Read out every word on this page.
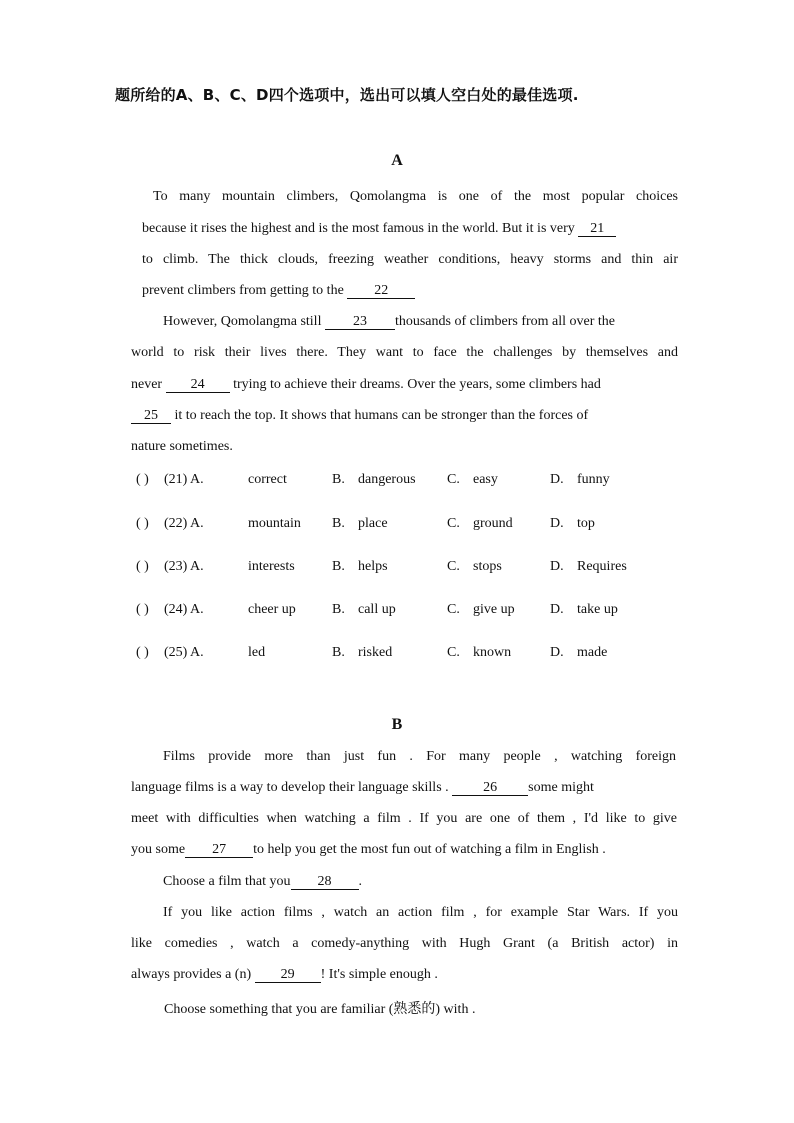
题所给的A、B、C、D四个选项中，选出可以填人空白处的最佳选项.
A
To many mountain climbers, Qomolangma is one of the most popular choices
because it rises the highest and is the most famous in the world. But it is very 21
to climb. The thick clouds, freezing weather conditions, heavy storms and thin air
prevent climbers from getting to the 22
However, Qomolangma still 23 thousands of climbers from all over the
world to risk their lives there. They want to face the challenges by themselves and
never 24 trying to achieve their dreams. Over the years, some climbers had
25 it to reach the top. It shows that humans can be stronger than the forces of
nature sometimes.
( ) (21) A.	correct	B. dangerous C. easy	D. funny
( ) (22) A.	mountain B. place	C. ground	D. top
( ) (23) A.	interests	B. helps	C. stops	D. Requires
( ) (24) A.	cheer up	B. call up	C. give up	D. take up
( ) (25) A.	led	B. risked	C. known	D. made
B
Films provide more than just fun . For many people , watching foreign
language films is a way to develop their language skills . 26 some might
meet with difficulties when watching a film . If you are one of them , I'd like to give
you some 27 to help you get the most fun out of watching a film in English .
Choose a film that you 28 .
If you like action films , watch an action film , for example Star Wars. If you
like comedies , watch a comedy-anything with Hugh Grant (a British actor) in
always provides a (n) 29 ! It's simple enough .
Choose something that you are familiar (熟悉的) with .
